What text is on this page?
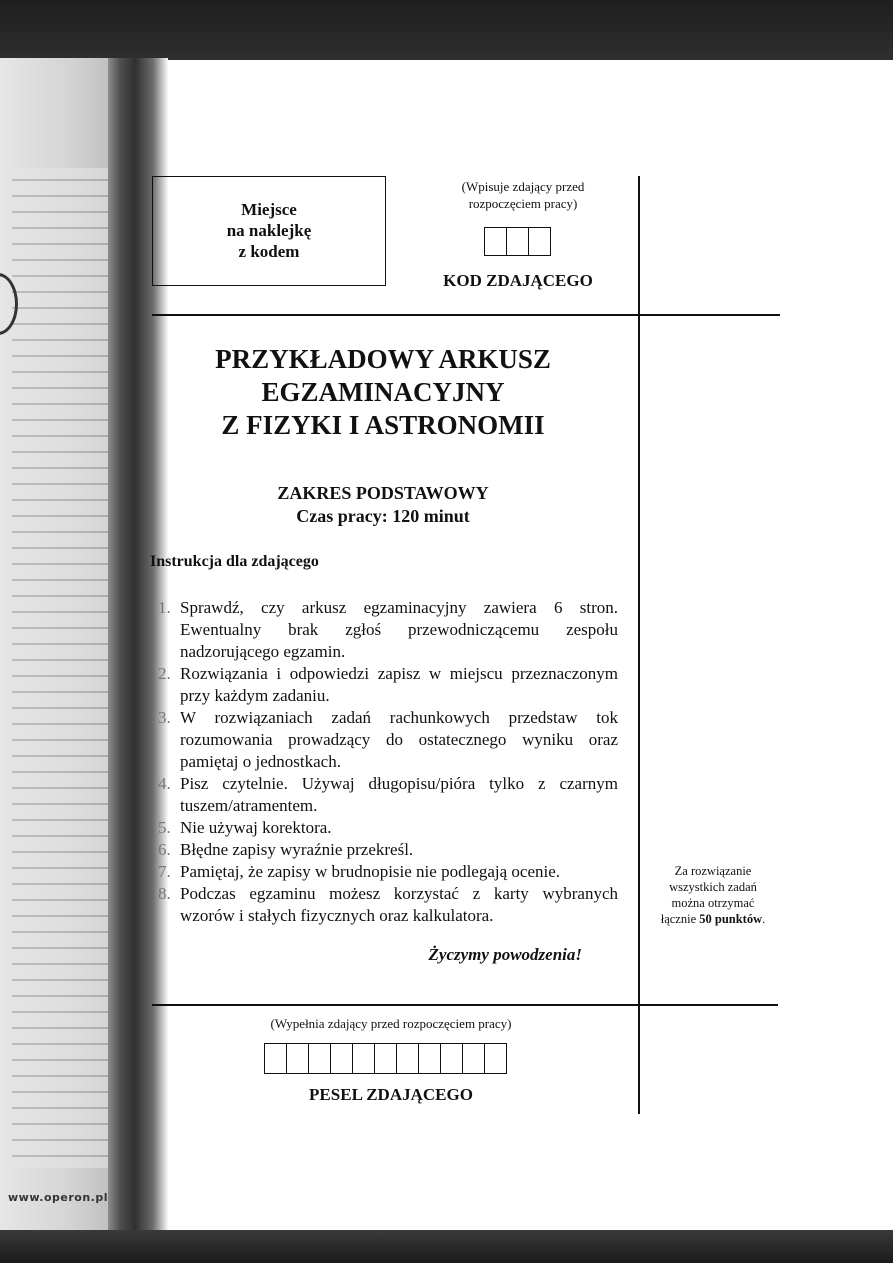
www.operon.pl
Miejsce
na naklejkę
z kodem
(Wpisuje zdający przed
rozpoczęciem pracy)
KOD ZDAJĄCEGO
PRZYKŁADOWY ARKUSZ
EGZAMINACYJNY
Z FIZYKI I ASTRONOMII
ZAKRES PODSTAWOWY
Czas pracy: 120 minut
Instrukcja dla zdającego
1. Sprawdź, czy arkusz egzaminacyjny zawiera 6 stron. Ewentualny brak zgłoś przewodniczącemu zespołu nadzorującego egzamin.
2. Rozwiązania i odpowiedzi zapisz w miejscu przeznaczonym przy każdym zadaniu.
3. W rozwiązaniach zadań rachunkowych przedstaw tok rozumowania prowadzący do ostatecznego wyniku oraz pamiętaj o jednostkach.
4. Pisz czytelnie. Używaj długopisu/pióra tylko z czarnym tuszem/atramentem.
5. Nie używaj korektora.
6. Błędne zapisy wyraźnie przekreśl.
7. Pamiętaj, że zapisy w brudnopisie nie podlegają ocenie.
8. Podczas egzaminu możesz korzystać z karty wybranych wzorów i stałych fizycznych oraz kalkulatora.
Życzymy powodzenia!
Za rozwiązanie
wszystkich zadań
można otrzymać
łącznie 50 punktów.
(Wypełnia zdający przed rozpoczęciem pracy)
PESEL ZDAJĄCEGO
